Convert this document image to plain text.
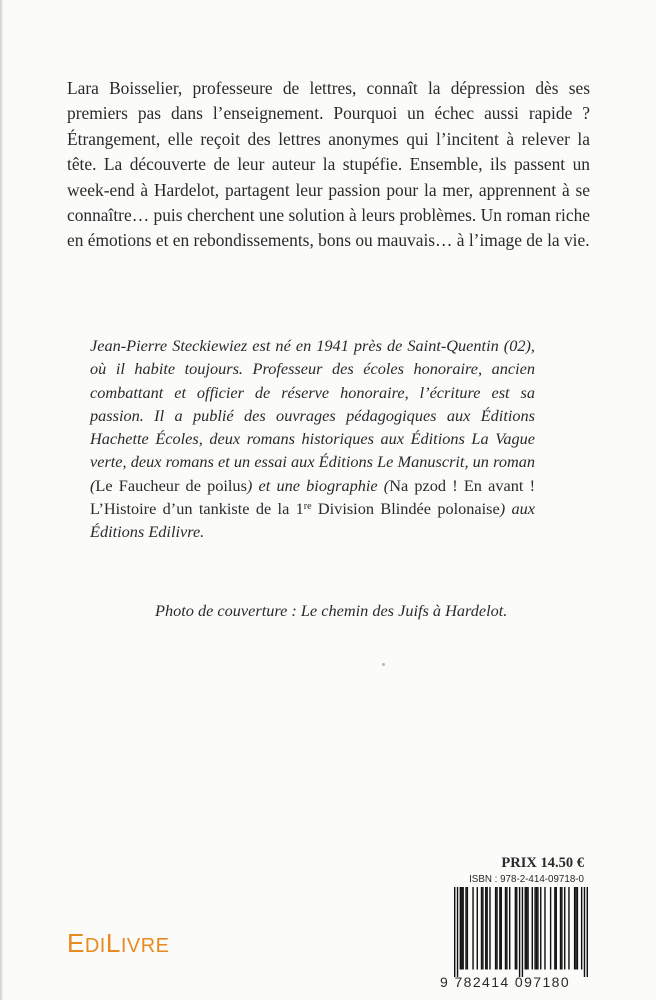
Lara Boisselier, professeure de lettres, connaît la dépression dès ses premiers pas dans l’enseignement. Pourquoi un échec aussi rapide ? Étrangement, elle reçoit des lettres anonymes qui l’incitent à relever la tête. La découverte de leur auteur la stupéfie. Ensemble, ils passent un week-end à Hardelot, partagent leur passion pour la mer, apprennent à se connaître… puis cherchent une solution à leurs problèmes. Un roman riche en émotions et en rebondissements, bons ou mauvais… à l’image de la vie.

Jean-Pierre Steckiewiez est né en 1941 près de Saint-Quentin (02), où il habite toujours. Professeur des écoles honoraire, ancien combattant et officier de réserve honoraire, l’écriture est sa passion. Il a publié des ouvrages pédagogiques aux Éditions Hachette Écoles, deux romans historiques aux Éditions La Vague verte, deux romans et un essai aux Éditions Le Manuscrit, un roman (Le Faucheur de poilus) et une biographie (Na pzod ! En avant ! L’Histoire d’un tankiste de la 1re Division Blindée polonaise) aux Éditions Edilivre.

Photo de couverture : Le chemin des Juifs à Hardelot.

EDILIVRE
PRIX 14.50 €
ISBN : 978-2-414-09718-0
9 782414 097180
